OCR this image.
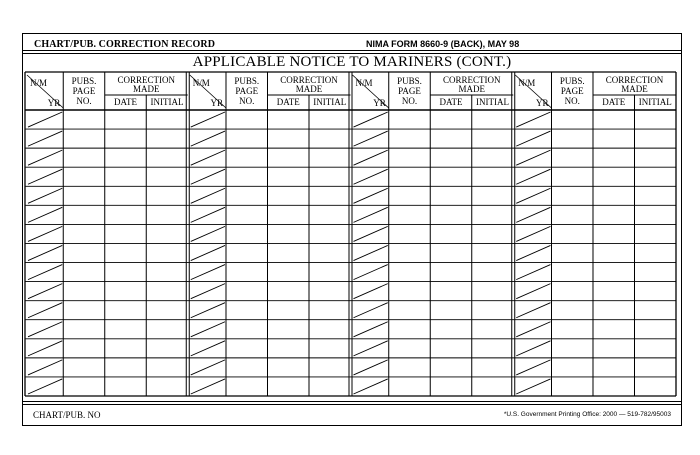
CHART/PUB. CORRECTION RECORD	NIMA FORM 8660-9 (BACK), MAY 98
APPLICABLE NOTICE TO MARINERS (CONT.)
N/M
YR
PUBS.
PAGE
NO.
CORRECTION
MADE
DATE INITIAL
N/M
YR
PUBS.
PAGE
NO.
CORRECTION
MADE
DATE INITIAL
N/M
YR
PUBS.
PAGE
NO.
CORRECTION
MADE
DATE INITIAL
N/M
YR
PUBS.
PAGE
NO.
CORRECTION
MADE
DATE INITIAL
CHART/PUB. NO	*U.S. Government Printing Office: 2000 — 519-782/95003
